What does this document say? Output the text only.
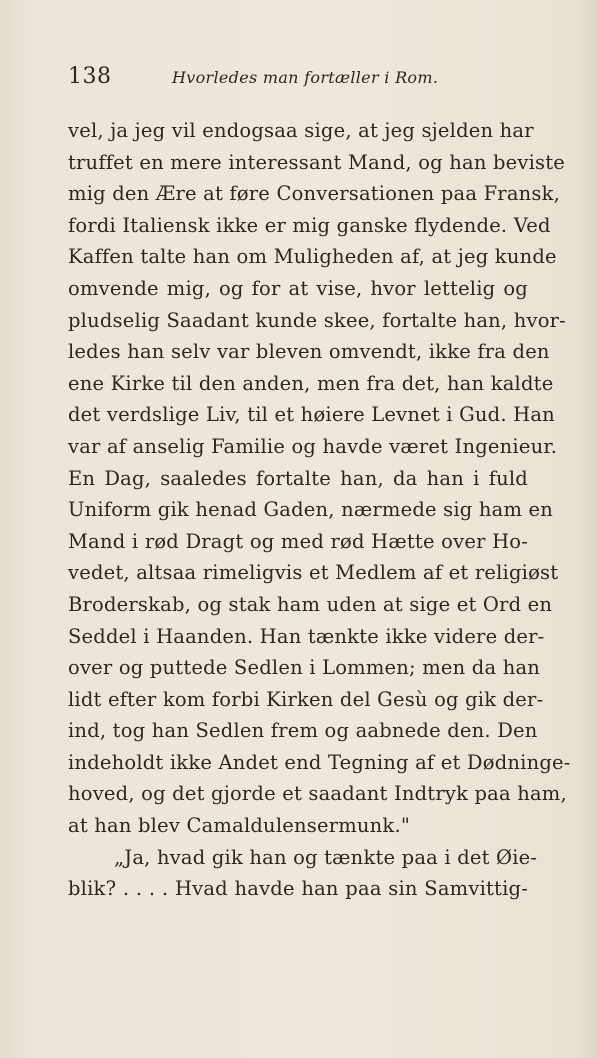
138	Hvorledes man fortæller i Rom.
vel, ja jeg vil endogsaa sige, at jeg sjelden har
truffet en mere interessant Mand, og han beviste
mig den Ære at føre Conversationen paa Fransk,
fordi Italiensk ikke er mig ganske flydende. Ved
Kaffen talte han om Muligheden af, at jeg kunde
omvende mig, og for at vise, hvor lettelig og
pludselig Saadant kunde skee, fortalte han, hvor-
ledes han selv var bleven omvendt, ikke fra den
ene Kirke til den anden, men fra det, han kaldte
det verdslige Liv, til et høiere Levnet i Gud. Han
var af anselig Familie og havde været Ingenieur.
En Dag, saaledes fortalte han, da han i fuld
Uniform gik henad Gaden, nærmede sig ham en
Mand i rød Dragt og med rød Hætte over Ho-
vedet, altsaa rimeligvis et Medlem af et religiøst
Broderskab, og stak ham uden at sige et Ord en
Seddel i Haanden. Han tænkte ikke videre der-
over og puttede Sedlen i Lommen; men da han
lidt efter kom forbi Kirken del Gesù og gik der-
ind, tog han Sedlen frem og aabnede den. Den
indeholdt ikke Andet end Tegning af et Dødninge-
hoved, og det gjorde et saadant Indtryk paa ham,
at han blev Camaldulensermunk."
„Ja, hvad gik han og tænkte paa i det Øie-
blik? . . . . Hvad havde han paa sin Samvittig-
